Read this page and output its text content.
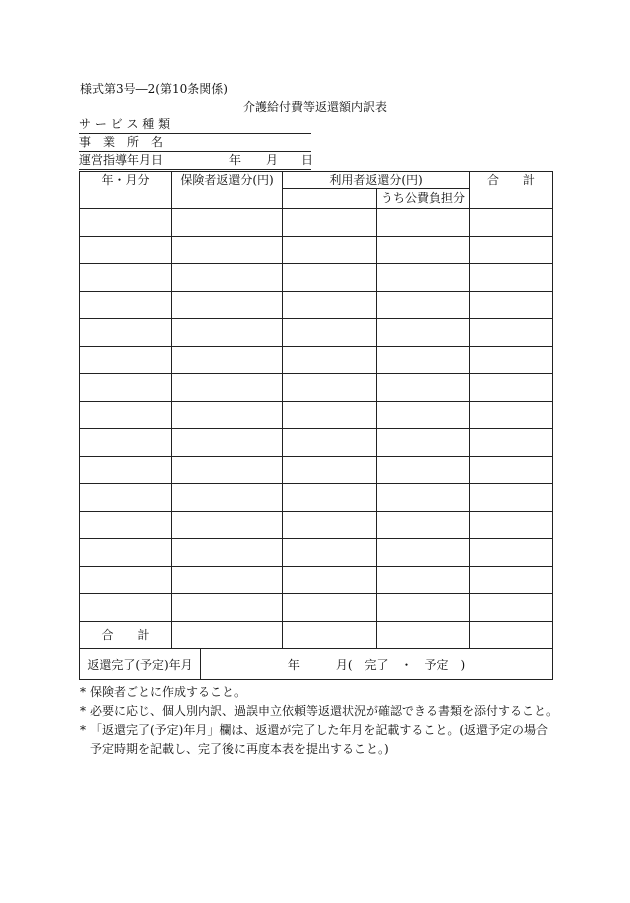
様式第3号―2(第10条関係)
介護給付費等返還額内訳表
サ ー ビ ス 種 類
事　業　所　名
運営指導年月日	年 月 日
年・月分	保険者返還分(円)	利用者返還分(円)		合　　計
			うち公費負担分	

合　　計				
返還完了(予定)年月	年　　　月(　完了　・　予定　)
* 保険者ごとに作成すること。
* 必要に応じ、個人別内訳、過誤申立依頼等返還状況が確認できる書類を添付すること。
* 「返還完了(予定)年月」欄は、返還が完了した年月を記載すること。(返還予定の場合予定時期を記載し、完了後に再度本表を提出すること。)
